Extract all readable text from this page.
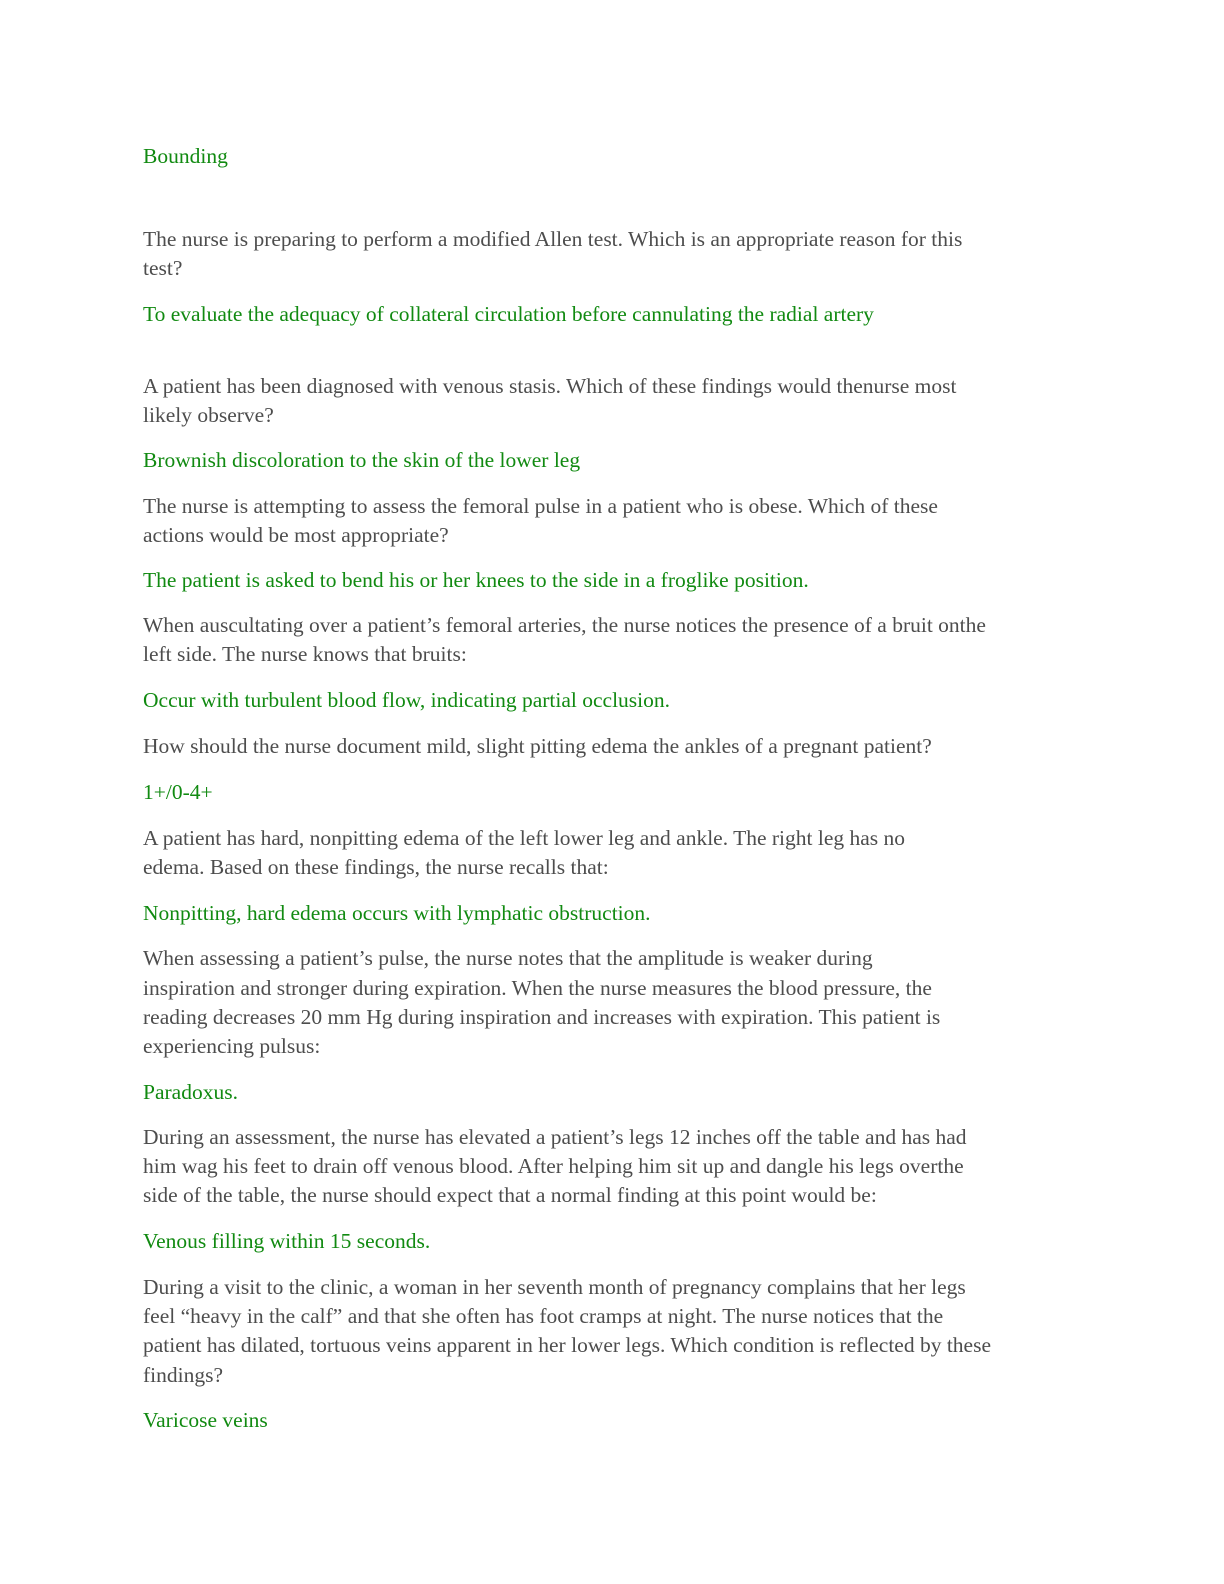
Bounding

The nurse is preparing to perform a modified Allen test. Which is an appropriate reason for this

test?

To evaluate the adequacy of collateral circulation before cannulating the radial artery

A patient has been diagnosed with venous stasis. Which of these findings would thenurse most

likely observe?

Brownish discoloration to the skin of the lower leg

The nurse is attempting to assess the femoral pulse in a patient who is obese. Which of these

actions would be most appropriate?

The patient is asked to bend his or her knees to the side in a froglike position.

When auscultating over a patient’s femoral arteries, the nurse notices the presence of a bruit onthe

left side. The nurse knows that bruits:

Occur with turbulent blood flow, indicating partial occlusion.

How should the nurse document mild, slight pitting edema the ankles of a pregnant patient?

1+/0-4+

A patient has hard, nonpitting edema of the left lower leg and ankle. The right leg has no

edema. Based on these findings, the nurse recalls that:

Nonpitting, hard edema occurs with lymphatic obstruction.

When assessing a patient’s pulse, the nurse notes that the amplitude is weaker during

inspiration and stronger during expiration. When the nurse measures the blood pressure, the

reading decreases 20 mm Hg during inspiration and increases with expiration. This patient is

experiencing pulsus:

Paradoxus.

During an assessment, the nurse has elevated a patient’s legs 12 inches off the table and has had

him wag his feet to drain off venous blood. After helping him sit up and dangle his legs overthe

side of the table, the nurse should expect that a normal finding at this point would be:

Venous filling within 15 seconds.

During a visit to the clinic, a woman in her seventh month of pregnancy complains that her legs

feel “heavy in the calf” and that she often has foot cramps at night. The nurse notices that the

patient has dilated, tortuous veins apparent in her lower legs. Which condition is reflected by these

findings?

Varicose veins
